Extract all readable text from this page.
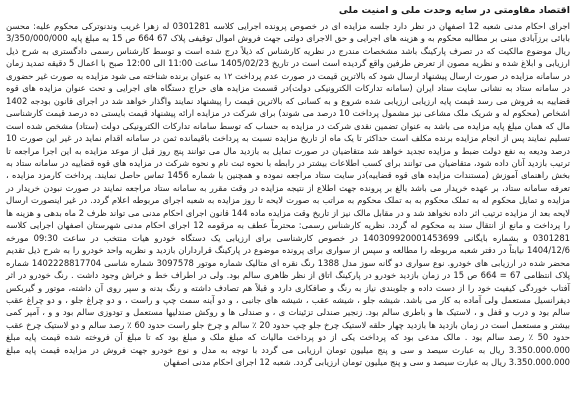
اقتصاد مقاومتی در سایه وحدت ملی و امنیت ملی
اجرای احکام مدنی شعبه 12 اصفهان در نظر دارد جلسه مزایده ای در خصوص پرونده اجرایی کلاسه 0301281 له زهرا غریب وندنوترکی محکوم علیه: محسن بابائی برزآبادی مبنی بر مطالبه محکوم به و هزینه های اجرایی و حق الاجرای دولتی جهت فروش اموال توقیفی پلاک 67 664 ص 15 به مبلغ پایه 3/350/000/000 ریال موضوع مالکیت که در تصرف پارکینگ باشد مشخصات مندرج در نظریه کارشناس که ذیلاً درج شده است و توسط کارشناس رسمی دادگستری به شرح ذیل ارزیابی و ابلاغ شده و نظریه مصون از تعرض طرفین واقع گردیده است است در تاریخ 1405/02/23 ساعت 11:00 الی 12:00 صبح با اعمال 5 دقیقه تمدید زمان در سامانه مزایده در صورت ارسال پیشنهاد ارسال شود که بالاترین قیمت در صورت عدم پرداخت ۱۲ به عنوان برنده شناخته می شود مزایده به صورت غیر حضوری در سامانه ستاد به نشانی سایت ستاد ایران (سامانه تدارکات الکترونیکی دولت)در قسمت مزایده های حراج دستگاه های اجرایی و تحت عنوان مزایده های قوه قضاییه به فروش می رسد قیمت پایه ارزیابی ارزیابی شده شروع و به کسانی که بالاترین قیمت را پیشنهاد نمایند واگذار خواهد شد در اجرای قانون بودجه 1402 اشخاص (محکوم له و شریک ملک مشاعی نیز مشمول پرداخت 10 درصد می شوند) برای شرکت در مزایده ارائه پیشنهاد قیمت بایستی ده درصد قیمت کارشناسی مال که همان مبلغ پایه مزایده می باشد به عنوان تضمین نقدی شرکت در مزایده به حساب که توسط سامانه تدارکات الکترونیکی دولت (ستاد) مشخص شده است تسلیم نمایند پس از انجام مزایده برنده مکلف است حداکثر تا یک ماه از تاریخ مزایده نسبت به پرداخت باقیمانده ثمن در سامانه اقدام نماید در غیر این صورت 10 درصد ودیعه به نفع دولت ضبط و مزایده تجدید خواهد شد متقاضیان در صورت تمایل به بازدید مال می توانند پنج روز قبل از موعد مزایده به این اجرا مراجعه تا ترتیب بازدید آنان داده شود، متقاضیان می توانند برای کسب اطلاعات بیشتر در رابطه با نحوه ثبت نام و نحوه شرکت در مزایده های قوه قضاییه در سامانه ستاد به بخش راهنمای آموزش (مستندات مزایده های قوه قضاییه)در سایت ستاد مراجعه نموده و همچنین با شماره 1456 تماس حاصل نمایند. پرداخت کارمزد مزایده ، تعرفه سامانه ستاد، بر عهده خریدار می باشد بالغ بر پرونده جهت اطلاع از نتیجه مزایده در وقت مقرر به سامانه ستاد مراجعه نمایند در صورت نبودن خریدار در مزایده و تمایل محکوم له به تملک محکوم به به تملک محکوم به مراتب به صورت لایحه تا روز مزایده به شعبه اجرای مربوطه اعلام گردد. در غیر اینصورت ارسال لایحه بعد از مزایده ترتیب اثر داده نخواهد شد و در مقابل مالک نیز از تاریخ وقت مزایده ماده 144 قانون اجرای احکام مدنی می تواند ظرف 2 ماه بدهی و هزینه ها را پرداخت و مانع از انتقال سند به محکوم له گردد. نظریه کارشناس رسمی: محترماً عطف به مرقومه 12 اجرای احکام مدنی شهرستان اصفهان اجرایی کلاسه 0301281 و بشماره بایگانی 140309920001453699 در خصوص کارشناسی برای ارزیابی یک دستگاه خودرو هیات منتخب در ساعت 09:30 مورخه 1404/12/6 نیابتاً در دفتر شعبه مربوطه را مطالعه و سپس از سواری برای پرونده موضوع در پارکینگ قرارداران بازدید و نظریه واحد خودرو را به شرح ذیل تقدیم محضر شده در ارزیابی های خودرو. نوع سواری دو گانه سوز مدل 1388 رنگ نقره ای متالیک شماره موتور 3097578 شماره شاسی 1402228817704 شماره پلاک انتظامی 67 = 664 ص 15 در زمان بازدید خودرو در پارکینگ اتاق از نظر ظاهری سالم بود. ولی در اطراف خط و خراش وجود داشت . رنگ خودرو در اثر آفتاب خوردگی کیفیت خود را از دست داده و جلوبندی نیاز به رنگ و صافکاری دارد و قبلاً هم تصادف داشته و رنگ بدنه و سپر روی آن داشته، موتور و گیربکس دیفرانسیل مستعمل ولی آماده به کار می باشد. شیشه جلو ، شیشه عقب ، شیشه های جانبی ، و دو آینه سمت چپ و راست ، و دو چراغ جلو ، و دو چراغ عقب سالم بود و درب و قفل و ، لاستیک ها و باطری سالم بود. زنجیر صندلی تزئینات ی ، و صندلی ها و روکش صندلیها مستعمل و تودوزی سالم بود و و ، آمپر کمی بیشتر و مستعمل است در زمان بازدید ها بازدید چهار حلقه لاستیک چرخ جلو چپ حدود 20 ٪ سالم و چرخ جلو راست حدود 60 ٪ رصد سالم و دو لاستیک چرخ عقب حدود 50 ٪ رصد سالم بود . مالک مدعی بود که پرداخت یکی از دو پرداخت مالیات که مبلغ ملک و مبلغ بود که تا مبلغ آن فروخته شده قیمت پایه مبلغ 3.350.000.000 ریال به عبارت سیصد و سی و پنج میلیون تومان ارزیابی می گردد با توجه به مدل و نوع خودرو جهت فروش در مزایده قیمت پایه مبلغ 3.350.000.000 ریال به عبارت سیصد و سی و پنج میلیون تومان ارزیابی گردد. شعبه 12 اجرای احکام مدنی اصفهان
